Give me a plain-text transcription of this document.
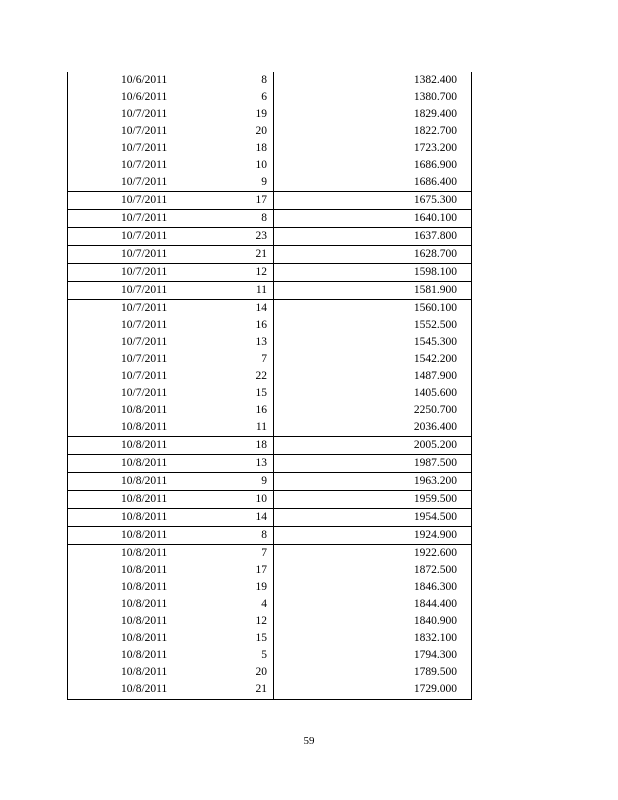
10/6/2011	8	1382.400
10/6/2011	6	1380.700
10/7/2011	19	1829.400
10/7/2011	20	1822.700
10/7/2011	18	1723.200
10/7/2011	10	1686.900
10/7/2011	9	1686.400
10/7/2011	17	1675.300
10/7/2011	8	1640.100
10/7/2011	23	1637.800
10/7/2011	21	1628.700
10/7/2011	12	1598.100
10/7/2011	11	1581.900
10/7/2011	14	1560.100
10/7/2011	16	1552.500
10/7/2011	13	1545.300
10/7/2011	7	1542.200
10/7/2011	22	1487.900
10/7/2011	15	1405.600
10/8/2011	16	2250.700
10/8/2011	11	2036.400
10/8/2011	18	2005.200
10/8/2011	13	1987.500
10/8/2011	9	1963.200
10/8/2011	10	1959.500
10/8/2011	14	1954.500
10/8/2011	8	1924.900
10/8/2011	7	1922.600
10/8/2011	17	1872.500
10/8/2011	19	1846.300
10/8/2011	4	1844.400
10/8/2011	12	1840.900
10/8/2011	15	1832.100
10/8/2011	5	1794.300
10/8/2011	20	1789.500
10/8/2011	21	1729.000
59
